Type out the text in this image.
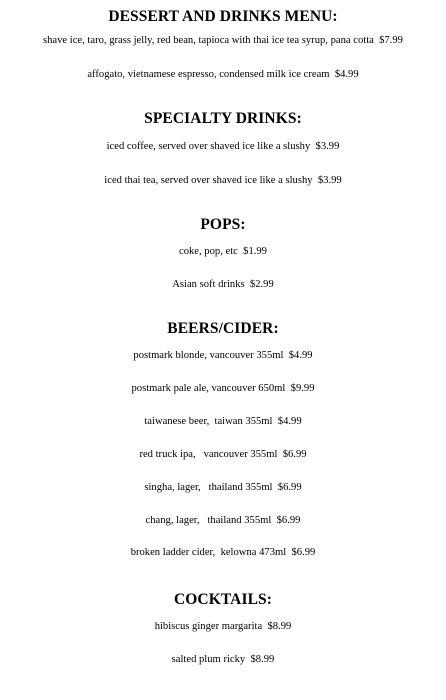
DESSERT AND DRINKS MENU:
shave ice, taro, grass jelly, red bean, tapioca with thai ice tea syrup, pana cotta  $7.99
affogato, vietnamese espresso, condensed milk ice cream  $4.99
SPECIALTY DRINKS:
iced coffee, served over shaved ice like a slushy  $3.99
iced thai tea, served over shaved ice like a slushy  $3.99
POPS:
coke, pop, etc  $1.99
Asian soft drinks  $2.99
BEERS/CIDER:
postmark blonde, vancouver 355ml  $4.99
postmark pale ale, vancouver 650ml  $9.99
taiwanese beer,  taiwan 355ml  $4.99
red truck ipa,   vancouver 355ml  $6.99
singha, lager,   thailand 355ml  $6.99
chang, lager,   thailand 355ml  $6.99
broken ladder cider,  kelowna 473ml  $6.99
COCKTAILS:
hibiscus ginger margarita  $8.99
salted plum ricky  $8.99
